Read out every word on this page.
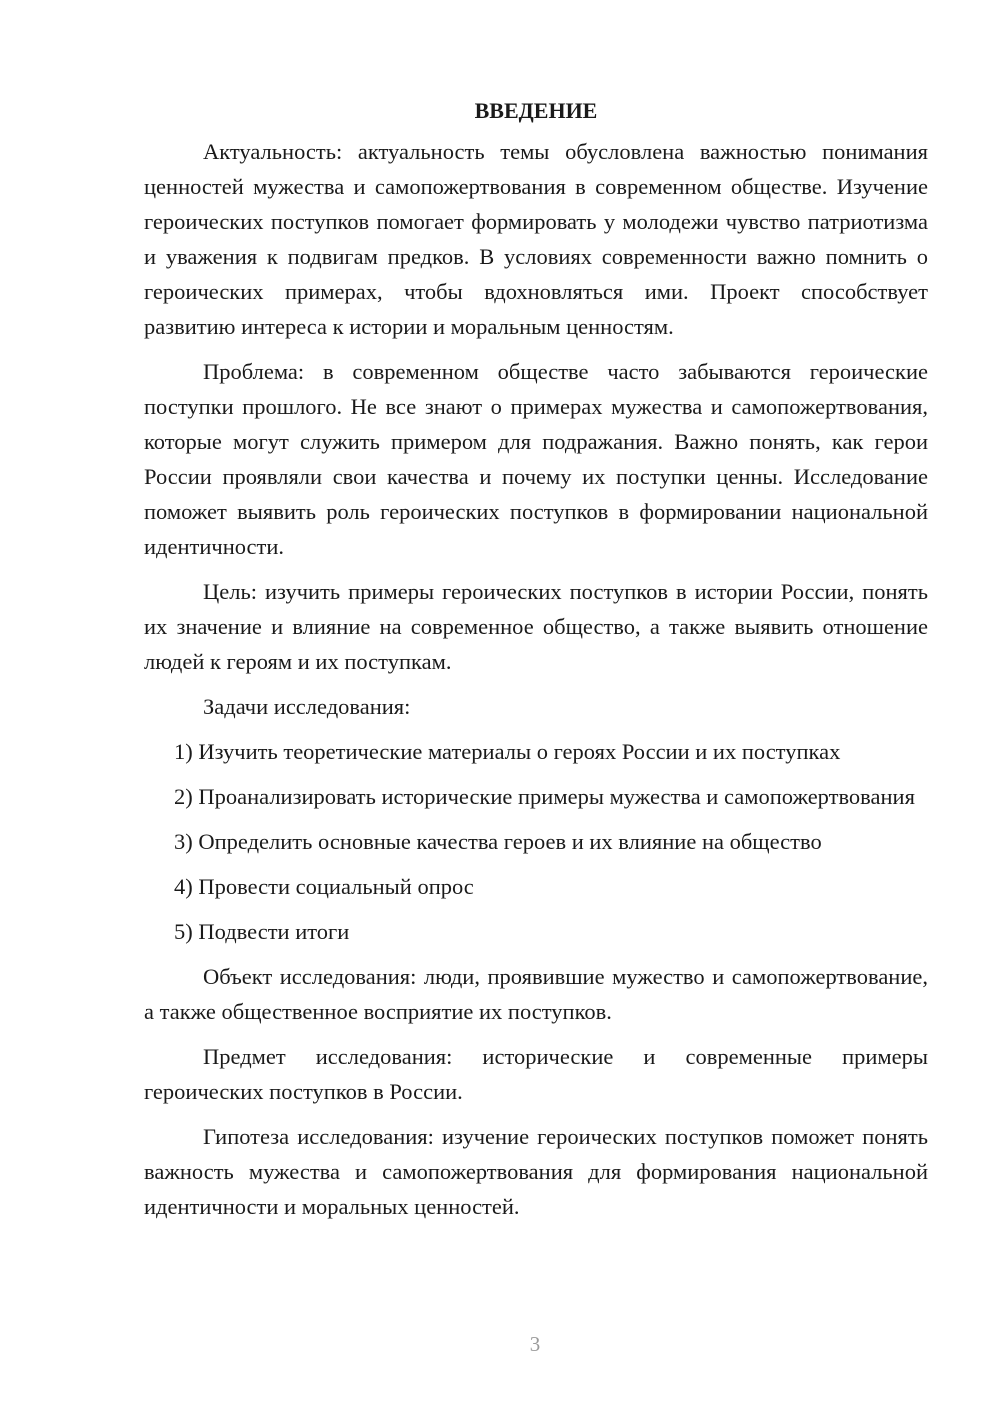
ВВЕДЕНИЕ

Актуальность: актуальность темы обусловлена важностью понимания ценностей мужества и самопожертвования в современном обществе. Изучение героических поступков помогает формировать у молодежи чувство патриотизма и уважения к подвигам предков. В условиях современности важно помнить о героических примерах, чтобы вдохновляться ими. Проект способствует развитию интереса к истории и моральным ценностям.

Проблема: в современном обществе часто забываются героические поступки прошлого. Не все знают о примерах мужества и самопожертвования, которые могут служить примером для подражания. Важно понять, как герои России проявляли свои качества и почему их поступки ценны. Исследование поможет выявить роль героических поступков в формировании национальной идентичности.

Цель: изучить примеры героических поступков в истории России, понять их значение и влияние на современное общество, а также выявить отношение людей к героям и их поступкам.

Задачи исследования:

1) Изучить теоретические материалы о героях России и их поступках

2) Проанализировать исторические примеры мужества и самопожертвования

3) Определить основные качества героев и их влияние на общество

4) Провести социальный опрос

5) Подвести итоги

Объект исследования: люди, проявившие мужество и самопожертвование, а также общественное восприятие их поступков.

Предмет исследования: исторические и современные примеры героических поступков в России.

Гипотеза исследования: изучение героических поступков поможет понять важность мужества и самопожертвования для формирования национальной идентичности и моральных ценностей.

3
